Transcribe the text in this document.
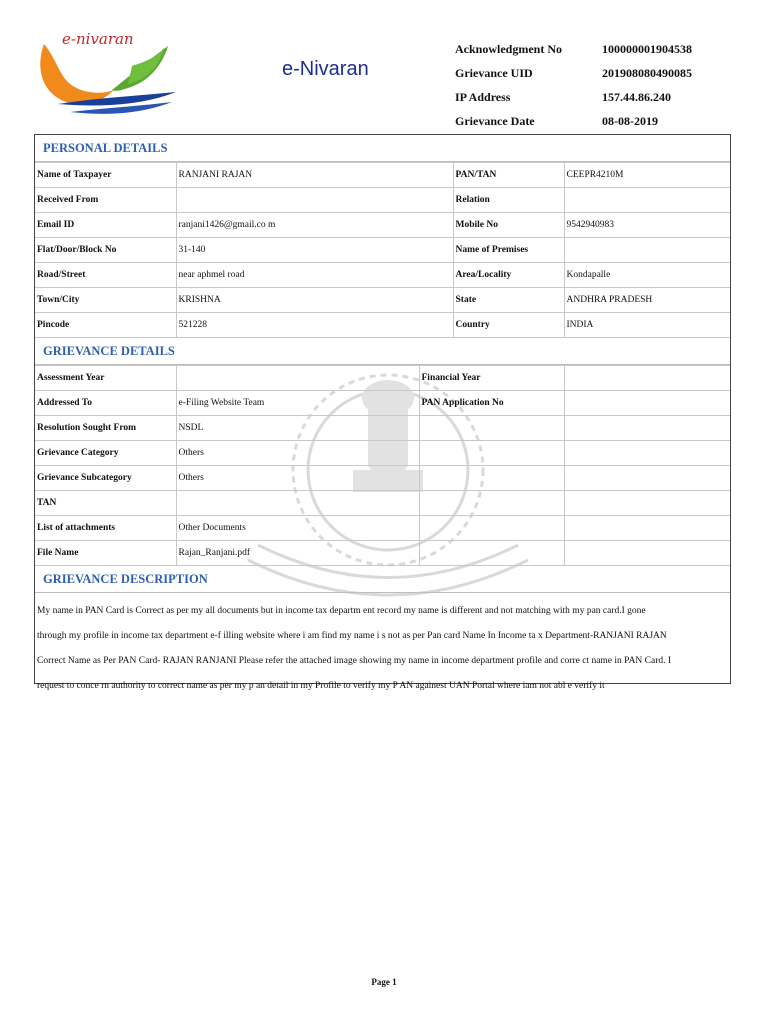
e-nivaran
e-Nivaran
Acknowledgment No	100000001904538
Grievance UID	201908080490085
IP Address	157.44.86.240
Grievance Date	08-08-2019
PERSONAL DETAILS
Name of Taxpayer	RANJANI RAJAN	PAN/TAN	CEEPR4210M
Received From		Relation	
Email ID	ranjani1426@gmail.co m	Mobile No	9542940983
Flat/Door/Block No	31-140	Name of Premises	
Road/Street	near aphmel road	Area/Locality	Kondapalle
Town/City	KRISHNA	State	ANDHRA PRADESH
Pincode	521228	Country	INDIA
GRIEVANCE DETAILS
Assessment Year		Financial Year	
Addressed To	e-Filing Website Team	PAN Application No	
Resolution Sought From	NSDL		
Grievance Category	Others		
Grievance Subcategory	Others		
TAN			
List of attachments	Other Documents		
File Name	Rajan_Ranjani.pdf		
GRIEVANCE DESCRIPTION
My name in PAN Card is Correct as per my all documents but in income tax departm ent record my name is different and not matching with my pan card.I gone
through my profile in income tax department e-f illing website where i am find my name i s not as per Pan card Name In Income ta x Department-RANJANI RAJAN
Correct Name as Per PAN Card- RAJAN RANJANI Please refer the attached image showing my name in income department profile and corre ct name in PAN Card. I
request to conce rn authority to correct name as per my p an detail in my Profile to verify my P AN againest UAN Portal where iam not abl e verify it
Page 1
